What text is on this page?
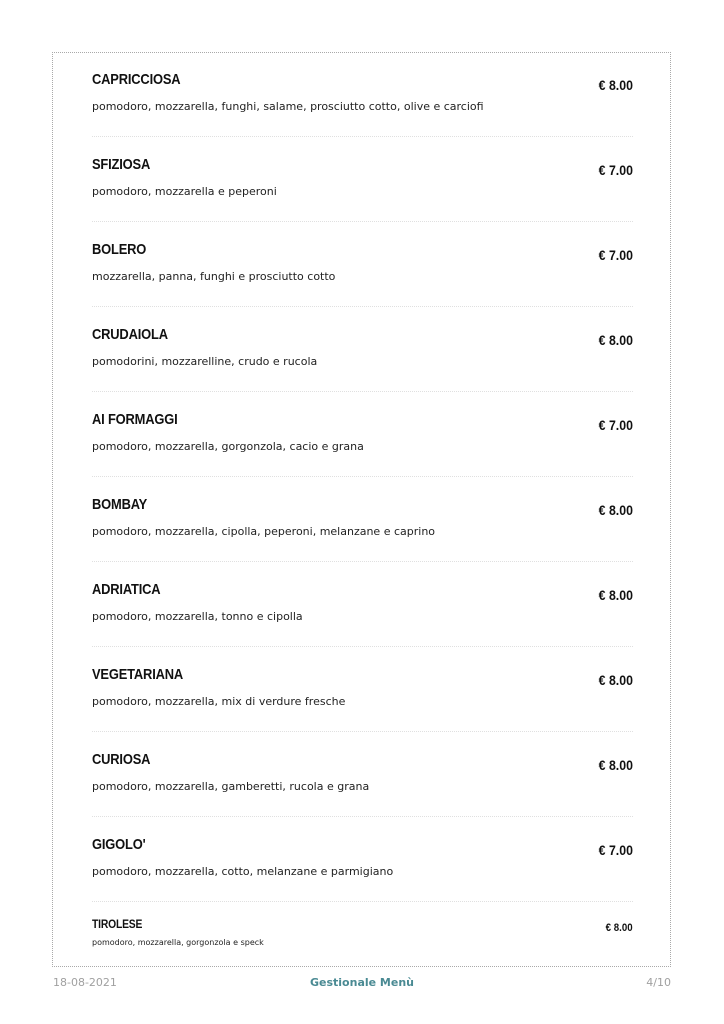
CAPRICCIOSA
pomodoro, mozzarella, funghi, salame, prosciutto cotto, olive e carciofi
€ 8.00
SFIZIOSA
pomodoro, mozzarella e peperoni
€ 7.00
BOLERO
mozzarella, panna, funghi e prosciutto cotto
€ 7.00
CRUDAIOLA
pomodorini, mozzarelline, crudo e rucola
€ 8.00
AI FORMAGGI
pomodoro, mozzarella, gorgonzola, cacio e grana
€ 7.00
BOMBAY
pomodoro, mozzarella, cipolla, peperoni, melanzane e caprino
€ 8.00
ADRIATICA
pomodoro, mozzarella, tonno e cipolla
€ 8.00
VEGETARIANA
pomodoro, mozzarella, mix di verdure fresche
€ 8.00
CURIOSA
pomodoro, mozzarella, gamberetti, rucola e grana
€ 8.00
GIGOLO'
pomodoro, mozzarella, cotto, melanzane e parmigiano
€ 7.00
TIROLESE
pomodoro, mozzarella, gorgonzola e speck
€ 8.00
18-08-2021	Gestionale Menù	4/10
